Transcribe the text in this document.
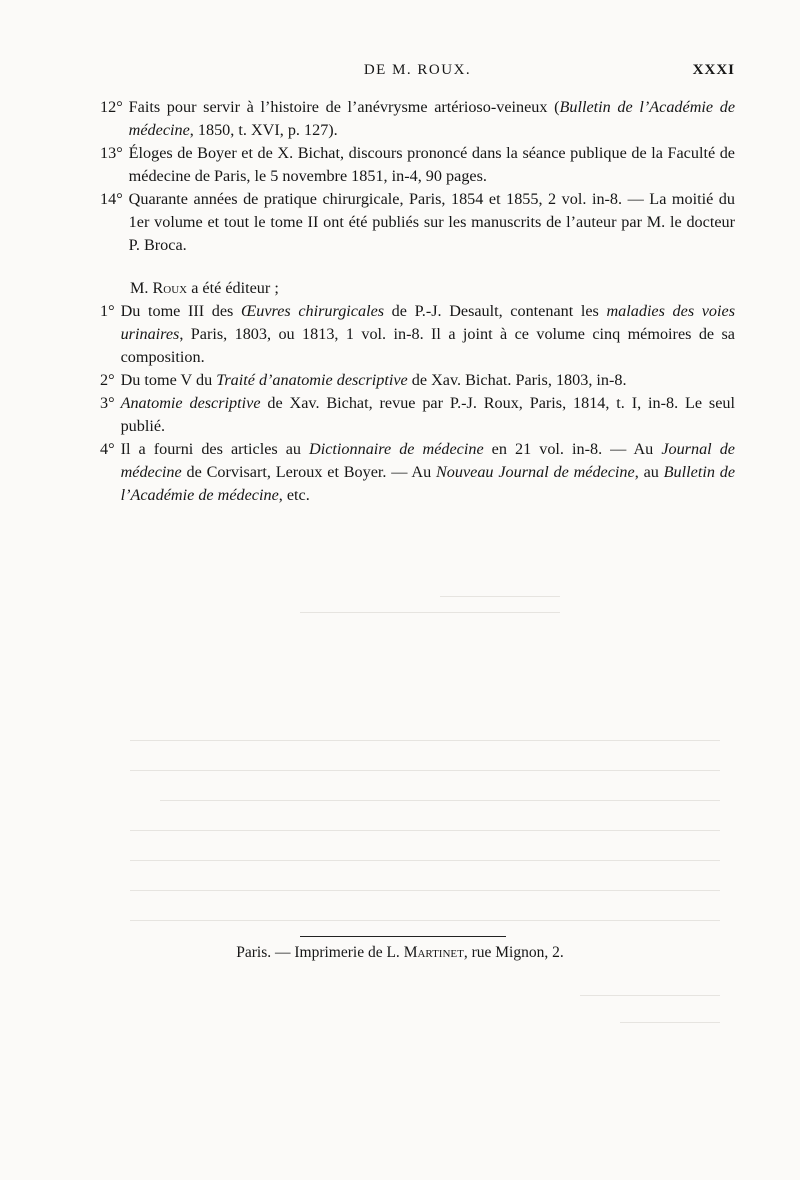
DE M. ROUX.	XXXI
12° Faits pour servir à l’histoire de l’anévrysme artérioso-veineux (Bulletin de l’Académie de médecine, 1850, t. XVI, p. 127).
13° Éloges de Boyer et de X. Bichat, discours prononcé dans la séance publique de la Faculté de médecine de Paris, le 5 novembre 1851, in-4, 90 pages.
14° Quarante années de pratique chirurgicale, Paris, 1854 et 1855, 2 vol. in-8. — La moitié du 1er volume et tout le tome II ont été publiés sur les manuscrits de l’auteur par M. le docteur P. Broca.
M. Roux a été éditeur ;
1° Du tome III des Œuvres chirurgicales de P.-J. Desault, contenant les maladies des voies urinaires, Paris, 1803, ou 1813, 1 vol. in-8. Il a joint à ce volume cinq mémoires de sa composition.
2° Du tome V du Traité d’anatomie descriptive de Xav. Bichat. Paris, 1803, in-8.
3° Anatomie descriptive de Xav. Bichat, revue par P.-J. Roux, Paris, 1814, t. I, in-8. Le seul publié.
4° Il a fourni des articles au Dictionnaire de médecine en 21 vol. in-8. — Au Journal de médecine de Corvisart, Leroux et Boyer. — Au Nouveau Journal de médecine, au Bulletin de l’Académie de médecine, etc.
Paris. — Imprimerie de L. Martinet, rue Mignon, 2.
